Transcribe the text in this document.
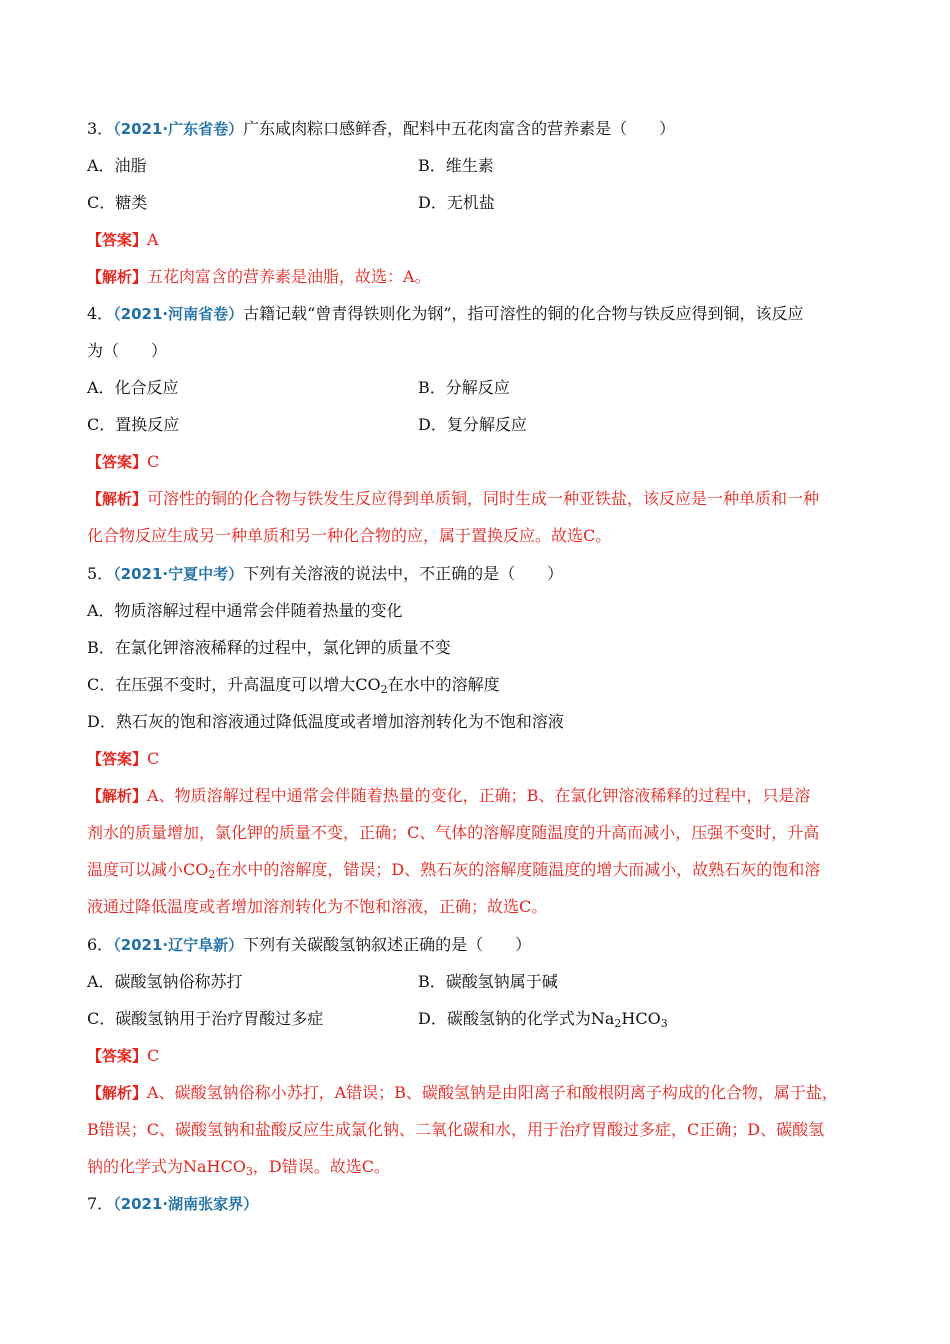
3．（2021·广东省卷）广东咸肉粽口感鲜香，配料中五花肉富含的营养素是（　　）
A．油脂	B．维生素
C．糖类	D．无机盐
【答案】A
【解析】五花肉富含的营养素是油脂，故选：A。
4．（2021·河南省卷）古籍记载“曾青得铁则化为钢”，指可溶性的铜的化合物与铁反应得到铜，该反应
为（　　）
A．化合反应	B．分解反应
C．置换反应	D．复分解反应
【答案】C
【解析】可溶性的铜的化合物与铁发生反应得到单质铜，同时生成一种亚铁盐，该反应是一种单质和一种
化合物反应生成另一种单质和另一种化合物的应，属于置换反应。故选C。
5．（2021·宁夏中考）下列有关溶液的说法中，不正确的是（　　）
A．物质溶解过程中通常会伴随着热量的变化
B．在氯化钾溶液稀释的过程中，氯化钾的质量不变
C．在压强不变时，升高温度可以增大$CO_2$在水中的溶解度
D．熟石灰的饱和溶液通过降低温度或者增加溶剂转化为不饱和溶液
【答案】C
【解析】A、物质溶解过程中通常会伴随着热量的变化，正确；B、在氯化钾溶液稀释的过程中，只是溶
剂水的质量增加，氯化钾的质量不变，正确；C、气体的溶解度随温度的升高而减小，压强不变时，升高
温度可以减小$CO_2$在水中的溶解度，错误；D、熟石灰的溶解度随温度的增大而减小，故熟石灰的饱和溶
液通过降低温度或者增加溶剂转化为不饱和溶液，正确；故选C。
6．（2021·辽宁阜新）下列有关碳酸氢钠叙述正确的是（　　）
A．碳酸氢钠俗称苏打	B．碳酸氢钠属于碱
C．碳酸氢钠用于治疗胃酸过多症	D．碳酸氢钠的化学式为$Na_2HCO_3$
【答案】C
【解析】A、碳酸氢钠俗称小苏打，A错误；B、碳酸氢钠是由阳离子和酸根阴离子构成的化合物，属于盐，
B错误；C、碳酸氢钠和盐酸反应生成氯化钠、二氧化碳和水，用于治疗胃酸过多症，C正确；D、碳酸氢
钠的化学式为NaHCO$_3$，D错误。故选C。
7．（2021·湖南张家界）
